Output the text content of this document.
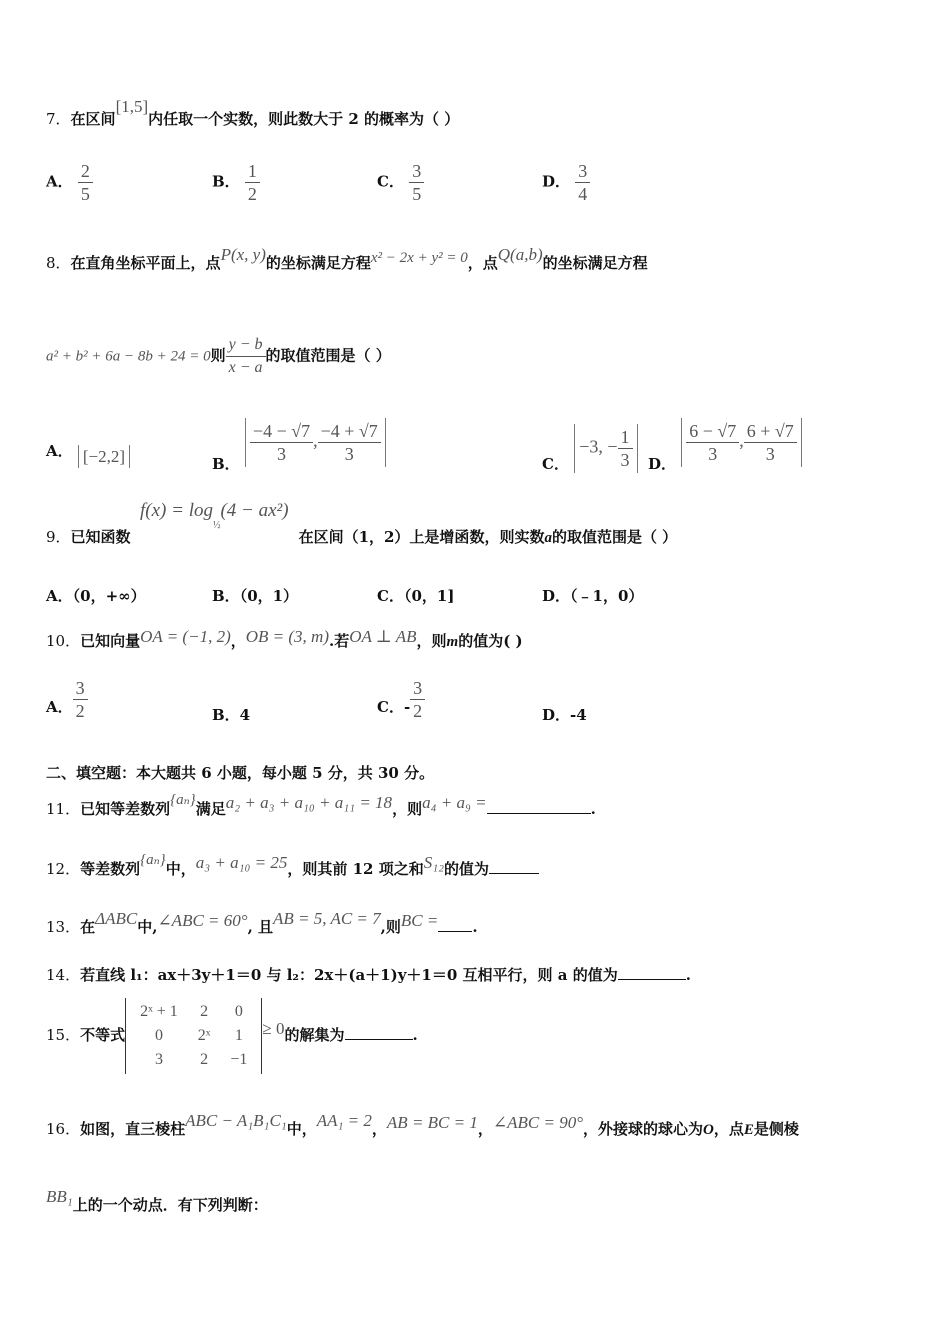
7．在区间[1,5]内任取一个实数，则此数大于 2 的概率为（ ）
A． $\frac{2}{5}$	B． $\frac{1}{2}$	C． $\frac{3}{5}$	D． $\frac{3}{4}$
8．在直角坐标平面上，点P(x, y)的坐标满足方程x² − 2x + y² = 0，点Q(a,b)的坐标满足方程
a² + b² + 6a − 8b + 24 = 0则 $\frac{y - b}{x - a}$ 的取值范围是（ ）
A． [−2,2]	B． $\frac{-4 - √7}{3}$ , $\frac{-4 + √7}{3}$	C． −3, − $\frac{1}{3}$ D． $\frac{6 - √7}{3}$ , $\frac{6 + √7}{3}$
$f(x) = \log_{\frac{1}{2}}(4 - ax^2)$
9．已知函数	在区间（1，2）上是增函数，则实数a的取值范围是（ ）
A．（0，+∞）	B．（0，1）	C．（0，1]	D．（﹣1，0）
10．已知向量OA = (−1, 2)，OB = (3, m).若OA ⊥ AB，则m的值为( )
A． $\frac{3}{2}$	B．4	C．- $\frac{3}{2}$	D．-4
二、填空题：本大题共 6 小题，每小题 5 分，共 30 分。
11．已知等差数列{aₙ}满足a₂ + a₃ + a₁₀ + a₁₁ = 18，则a₄ + a₉ =	.
12．等差数列{aₙ}中，a₃ + a₁₀ = 25，则其前 12 项之和S₁₂的值为
13．在ΔABC中,∠ABC = 60°, 且AB = 5, AC = 7,则BC = .
14．若直线 l₁：ax＋3y＋1＝0 与 l₂：2x＋(a＋1)y＋1＝0 互相平行，则 a 的值为	.
15．不等式
2ˣ + 1	2	0
0	2ˣ	1
3	2	−1
≥ 0的解集为	.
16．如图，直三棱柱ABC − A₁B₁C₁中，AA₁ = 2，AB = BC = 1，∠ABC = 90°，外接球的球心为O，点E是侧棱
BB₁上的一个动点．有下列判断：
